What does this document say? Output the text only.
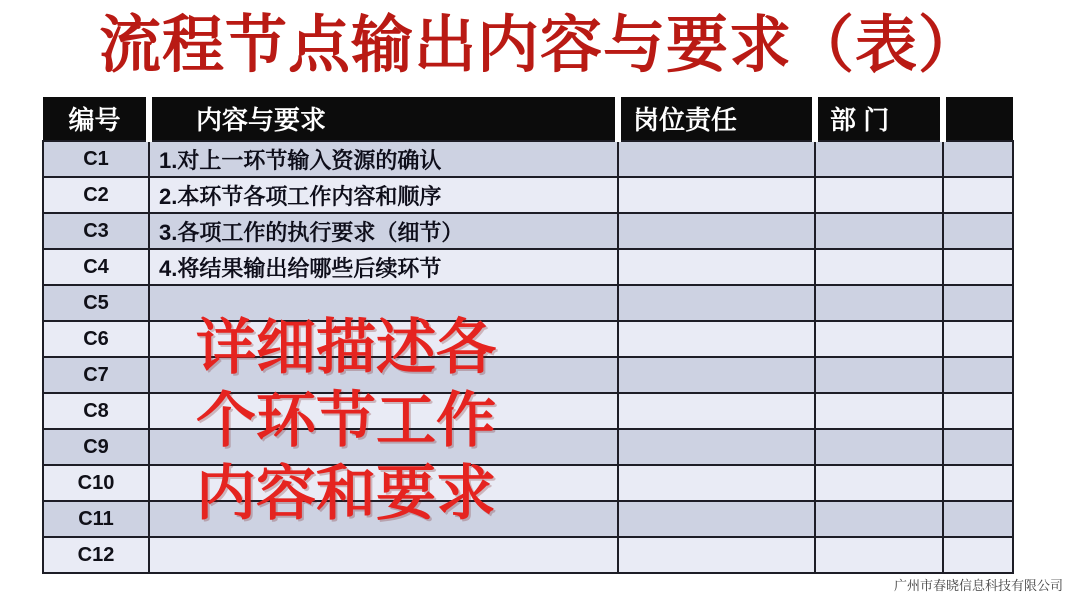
流程节点输出内容与要求（表）
编号	内容与要求	岗位责任	部 门	
C1	1.对上一环节输入资源的确认			
C2	2.本环节各项工作内容和顺序			
C3	3.各项工作的执行要求（细节）			
C4	4.将结果输出给哪些后续环节			
C5				
C6				
C7				
C8				
C9				
C10				
C11				
C12				
详细描述各
个环节工作
内容和要求
广州市春晓信息科技有限公司
